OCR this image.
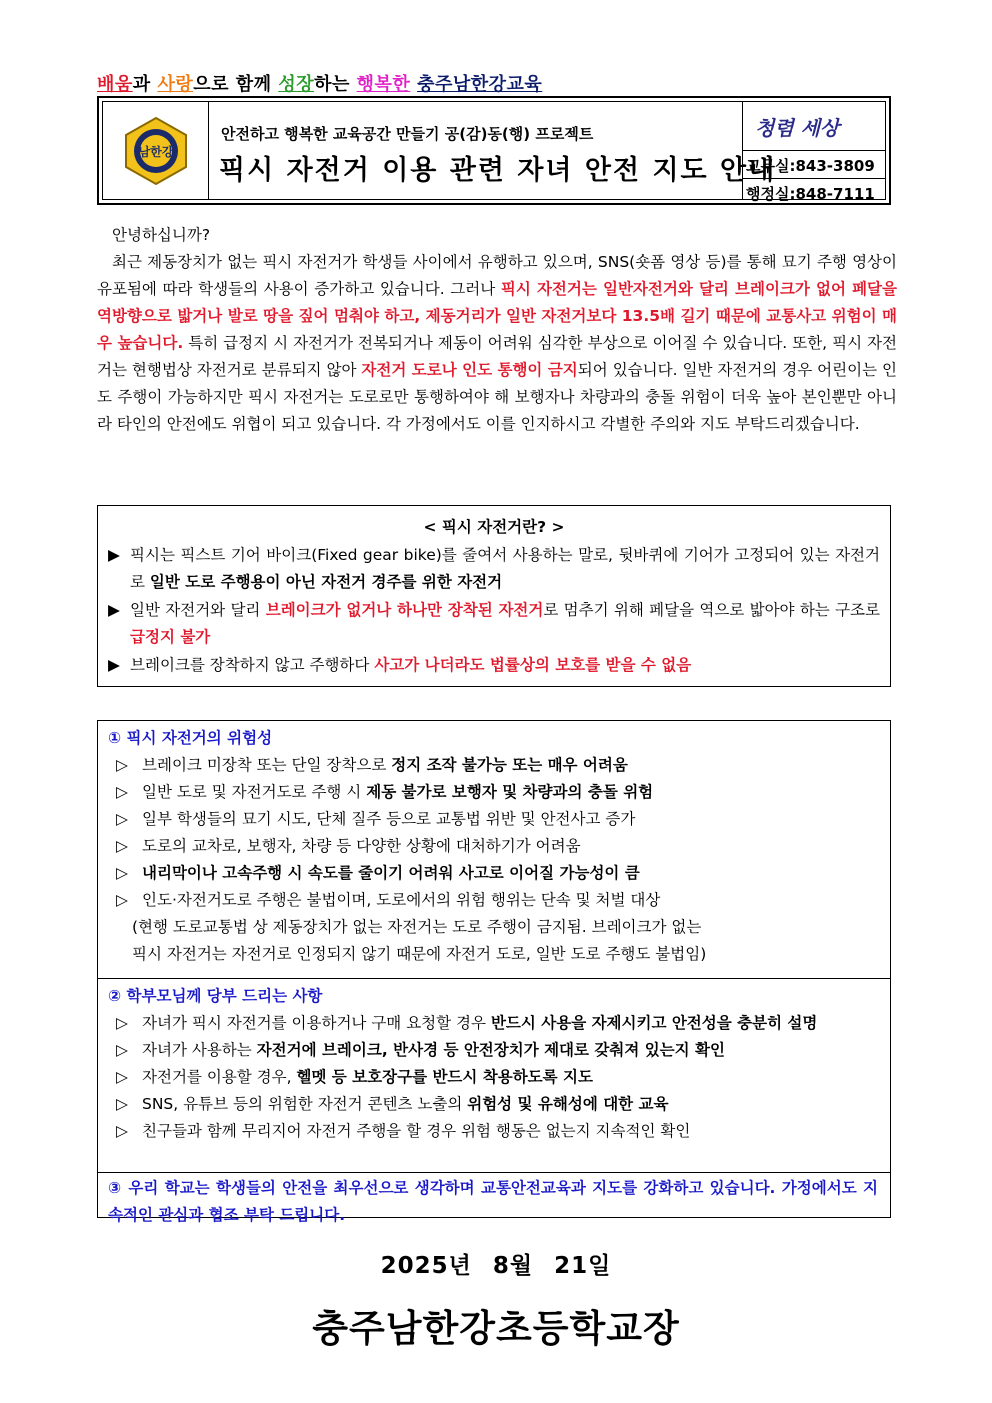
배움과 사랑으로 함께 성장하는 행복한 충주남한강교육
남한강
안전하고 행복한 교육공간 만들기 공(감)동(행) 프로젝트
픽시 자전거 이용 관련 자녀 안전 지도 안내
청렴 세상
교무실:843-3809
행정실:848-7111

안녕하십니까?

최근 제동장치가 없는 픽시 자전거가 학생들 사이에서 유행하고 있으며, SNS(숏폼 영상 등)를 통해 묘기 주행 영상이 유포됨에 따라 학생들의 사용이 증가하고 있습니다. 그러나 픽시 자전거는 일반자전거와 달리 브레이크가 없어 페달을 역방향으로 밟거나 발로 땅을 짚어 멈춰야 하고, 제동거리가 일반 자전거보다 13.5배 길기 때문에 교통사고 위험이 매우 높습니다. 특히 급정지 시 자전거가 전복되거나 제동이 어려워 심각한 부상으로 이어질 수 있습니다. 또한, 픽시 자전거는 현행법상 자전거로 분류되지 않아 자전거 도로나 인도 통행이 금지되어 있습니다. 일반 자전거의 경우 어린이는 인도 주행이 가능하지만 픽시 자전거는 도로로만 통행하여야 해 보행자나 차량과의 충돌 위험이 더욱 높아 본인뿐만 아니라 타인의 안전에도 위협이 되고 있습니다. 각 가정에서도 이를 인지하시고 각별한 주의와 지도 부탁드리겠습니다.

< 픽시 자전거란? >
▶ 픽시는 픽스트 기어 바이크(Fixed gear bike)를 줄여서 사용하는 말로, 뒷바퀴에 기어가 고정되어 있는 자전거로 일반 도로 주행용이 아닌 자전거 경주를 위한 자전거
▶ 일반 자전거와 달리 브레이크가 없거나 하나만 장착된 자전거로 멈추기 위해 페달을 역으로 밟아야 하는 구조로 급정지 불가
▶ 브레이크를 장착하지 않고 주행하다 사고가 나더라도 법률상의 보호를 받을 수 없음
① 픽시 자전거의 위험성
▷ 브레이크 미장착 또는 단일 장착으로 정지 조작 불가능 또는 매우 어려움
▷ 일반 도로 및 자전거도로 주행 시 제동 불가로 보행자 및 차량과의 충돌 위험
▷ 일부 학생들의 묘기 시도, 단체 질주 등으로 교통법 위반 및 안전사고 증가
▷ 도로의 교차로, 보행자, 차량 등 다양한 상황에 대처하기가 어려움
▷ 내리막이나 고속주행 시 속도를 줄이기 어려워 사고로 이어질 가능성이 큼
▷ 인도·자전거도로 주행은 불법이며, 도로에서의 위험 행위는 단속 및 처벌 대상
(현행 도로교통법 상 제동장치가 없는 자전거는 도로 주행이 금지됨. 브레이크가 없는
픽시 자전거는 자전거로 인정되지 않기 때문에 자전거 도로, 일반 도로 주행도 불법임)
② 학부모님께 당부 드리는 사항
▷ 자녀가 픽시 자전거를 이용하거나 구매 요청할 경우 반드시 사용을 자제시키고 안전성을 충분히 설명
▷ 자녀가 사용하는 자전거에 브레이크, 반사경 등 안전장치가 제대로 갖춰져 있는지 확인
▷ 자전거를 이용할 경우, 헬멧 등 보호장구를 반드시 착용하도록 지도
▷ SNS, 유튜브 등의 위험한 자전거 콘텐츠 노출의 위험성 및 유해성에 대한 교육
▷ 친구들과 함께 무리지어 자전거 주행을 할 경우 위험 행동은 없는지 지속적인 확인
③ 우리 학교는 학생들의 안전을 최우선으로 생각하며 교통안전교육과 지도를 강화하고 있습니다. 가정에서도 지속적인 관심과 협조 부탁 드립니다.
2025년 8월 21일
충주남한강초등학교장
